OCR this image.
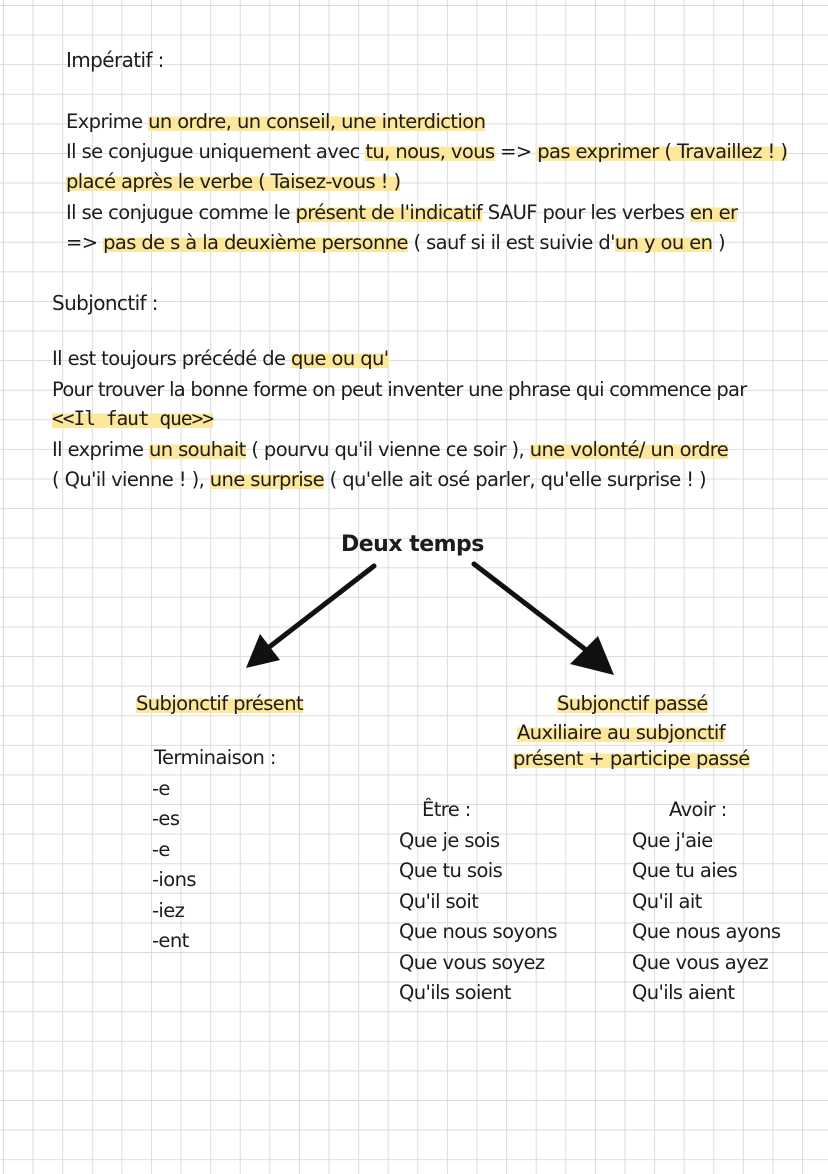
Impératif :
Exprime un ordre, un conseil, une interdiction
Il se conjugue uniquement avec tu, nous, vous => pas exprimer ( Travaillez ! )
placé après le verbe ( Taisez-vous ! )
Il se conjugue comme le présent de l'indicatif SAUF pour les verbes en er
=> pas de s à la deuxième personne ( sauf si il est suivie d'un y ou en )
Subjonctif :
Il est toujours précédé de que ou qu'
Pour trouver la bonne forme on peut inventer une phrase qui commence par
<<Il faut que>>
Il exprime un souhait ( pourvu qu'il vienne ce soir ), une volonté/ un ordre
( Qu'il vienne ! ), une surprise ( qu'elle ait osé parler, qu'elle surprise ! )
Deux temps
Subjonctif présent	Subjonctif passé
Auxiliaire au subjonctif
présent + participe passé
Terminaison :
-e
-es
-e
-ions
-iez
-ent
Être :
Que je sois
Que tu sois
Qu'il soit
Que nous soyons
Que vous soyez
Qu'ils soient
Avoir :
Que j'aie
Que tu aies
Qu'il ait
Que nous ayons
Que vous ayez
Qu'ils aient
